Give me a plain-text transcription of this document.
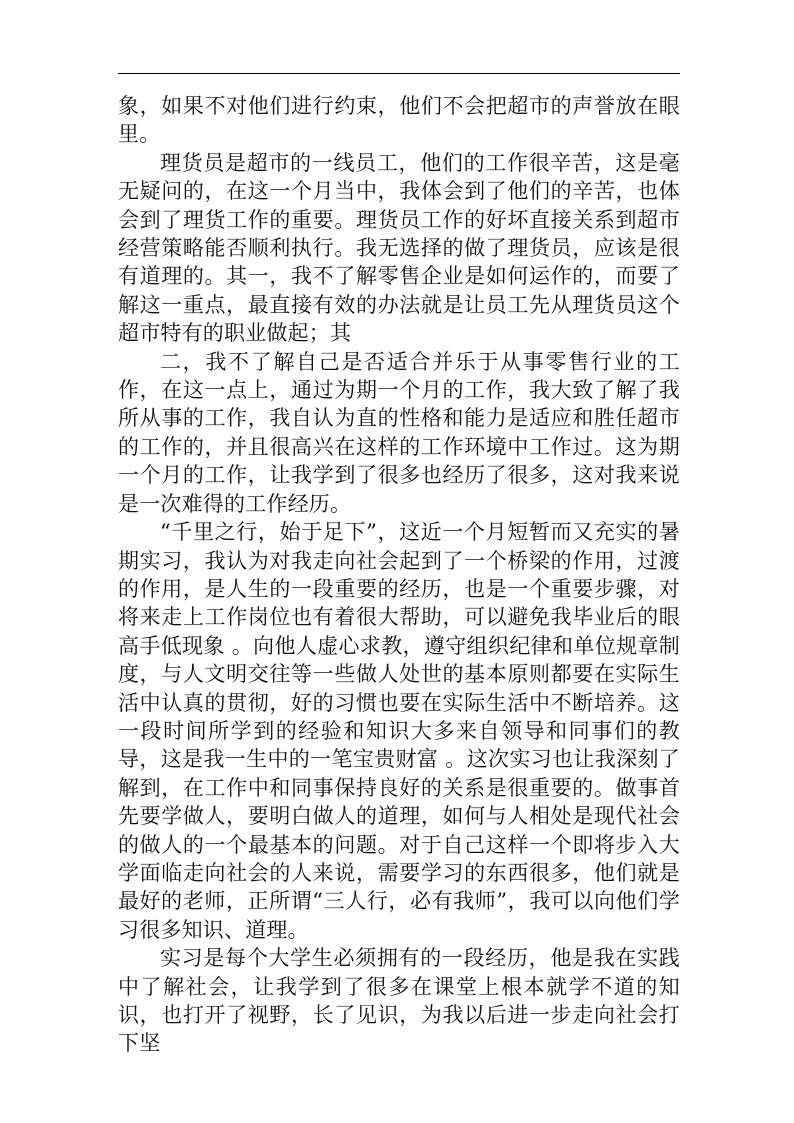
象，如果不对他们进行约束，他们不会把超市的声誉放在眼里。

理货员是超市的一线员工，他们的工作很辛苦，这是毫无疑问的，在这一个月当中，我体会到了他们的辛苦，也体会到了理货工作的重要。理货员工作的好坏直接关系到超市经营策略能否顺利执行。我无选择的做了理货员，应该是很有道理的。其一，我不了解零售企业是如何运作的，而要了解这一重点，最直接有效的办法就是让员工先从理货员这个超市特有的职业做起；其

二，我不了解自己是否适合并乐于从事零售行业的工作，在这一点上，通过为期一个月的工作，我大致了解了我所从事的工作，我自认为直的性格和能力是适应和胜任超市的工作的，并且很高兴在这样的工作环境中工作过。这为期一个月的工作，让我学到了很多也经历了很多，这对我来说是一次难得的工作经历。

“千里之行，始于足下”，这近一个月短暂而又充实的暑期实习，我认为对我走向社会起到了一个桥梁的作用，过渡的作用，是人生的一段重要的经历，也是一个重要步骤，对将来走上工作岗位也有着很大帮助，可以避免我毕业后的眼高手低现象 。向他人虚心求教，遵守组织纪律和单位规章制度，与人文明交往等一些做人处世的基本原则都要在实际生活中认真的贯彻，好的习惯也要在实际生活中不断培养。这一段时间所学到的经验和知识大多来自领导和同事们的教导，这是我一生中的一笔宝贵财富 。这次实习也让我深刻了解到，在工作中和同事保持良好的关系是很重要的。做事首先要学做人，要明白做人的道理，如何与人相处是现代社会的做人的一个最基本的问题。对于自己这样一个即将步入大学面临走向社会的人来说，需要学习的东西很多，他们就是最好的老师，正所谓“三人行，必有我师”，我可以向他们学习很多知识、道理。

实习是每个大学生必须拥有的一段经历，他是我在实践中了解社会，让我学到了很多在课堂上根本就学不道的知识，也打开了视野，长了见识，为我以后进一步走向社会打下坚
